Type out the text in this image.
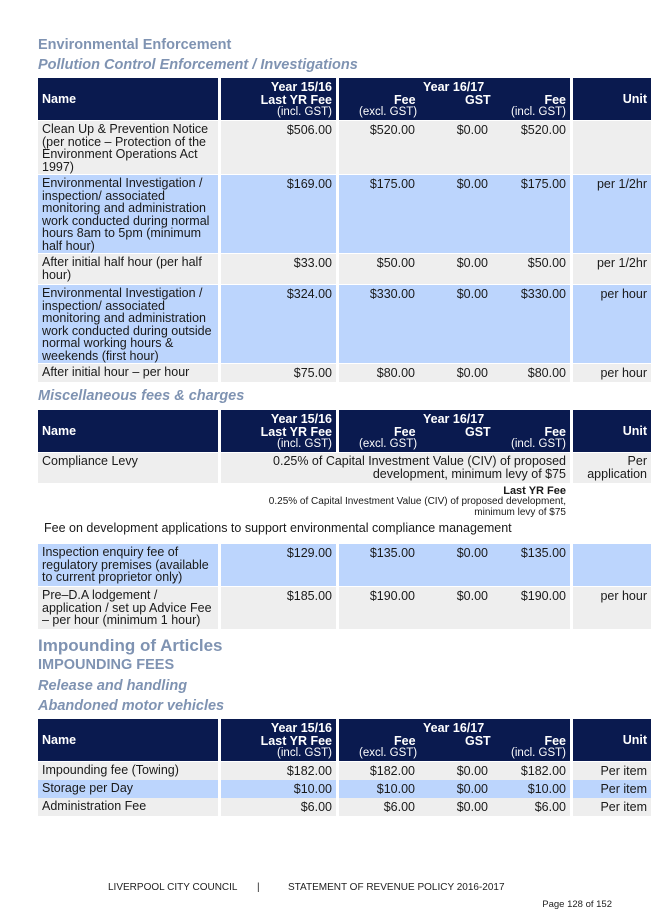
Environmental Enforcement
Pollution Control Enforcement / Investigations
Name
Year 15/16
Last YR Fee
(incl. GST)
Year 16/17
Fee
(excl. GST)
GST	Fee
(incl. GST)
Unit
Clean Up & Prevention Notice
(per notice – Protection of the
Environment Operations Act
1997)
$506.00	$520.00	$0.00	$520.00
Environmental Investigation /
inspection/ associated
monitoring and administration
work conducted during normal
hours 8am to 5pm (minimum
half hour)
$169.00	$175.00	$0.00	$175.00 per 1/2hr
After initial half hour (per half
hour)
$33.00	$50.00	$0.00	$50.00 per 1/2hr
Environmental Investigation /
inspection/ associated
monitoring and administration
work conducted during outside
normal working hours &
weekends (first hour)
$324.00	$330.00	$0.00	$330.00	per hour
After initial hour – per hour	$75.00	$80.00	$0.00	$80.00	per hour
Miscellaneous fees & charges
Name
Year 15/16
Last YR Fee
(incl. GST)
Year 16/17
Fee
(excl. GST)
GST	Fee
(incl. GST)
Unit
Compliance Levy	0.25% of Capital Investment Value (CIV) of proposed
development, minimum levy of $75
Per
application
Last YR Fee
0.25% of Capital Investment Value (CIV) of proposed development,
minimum levy of $75
Fee on development applications to support environmental compliance management
Inspection enquiry fee of
regulatory premises (available
to current proprietor only)
$129.00	$135.00	$0.00	$135.00
Pre–D.A lodgement /
application / set up Advice Fee
– per hour (minimum 1 hour)
$185.00	$190.00	$0.00	$190.00	per hour
Impounding of Articles
IMPOUNDING FEES
Release and handling
Abandoned motor vehicles
Name
Year 15/16
Last YR Fee
(incl. GST)
Year 16/17
Fee
(excl. GST)
GST	Fee
(incl. GST)
Unit
Impounding fee (Towing)	$182.00	$182.00	$0.00	$182.00	Per item
Storage per Day	$10.00	$10.00	$0.00	$10.00	Per item
Administration Fee	$6.00	$6.00	$0.00	$6.00	Per item
LIVERPOOL CITY COUNCIL |	STATEMENT OF REVENUE POLICY 2016-2017
Page 128 of 152
